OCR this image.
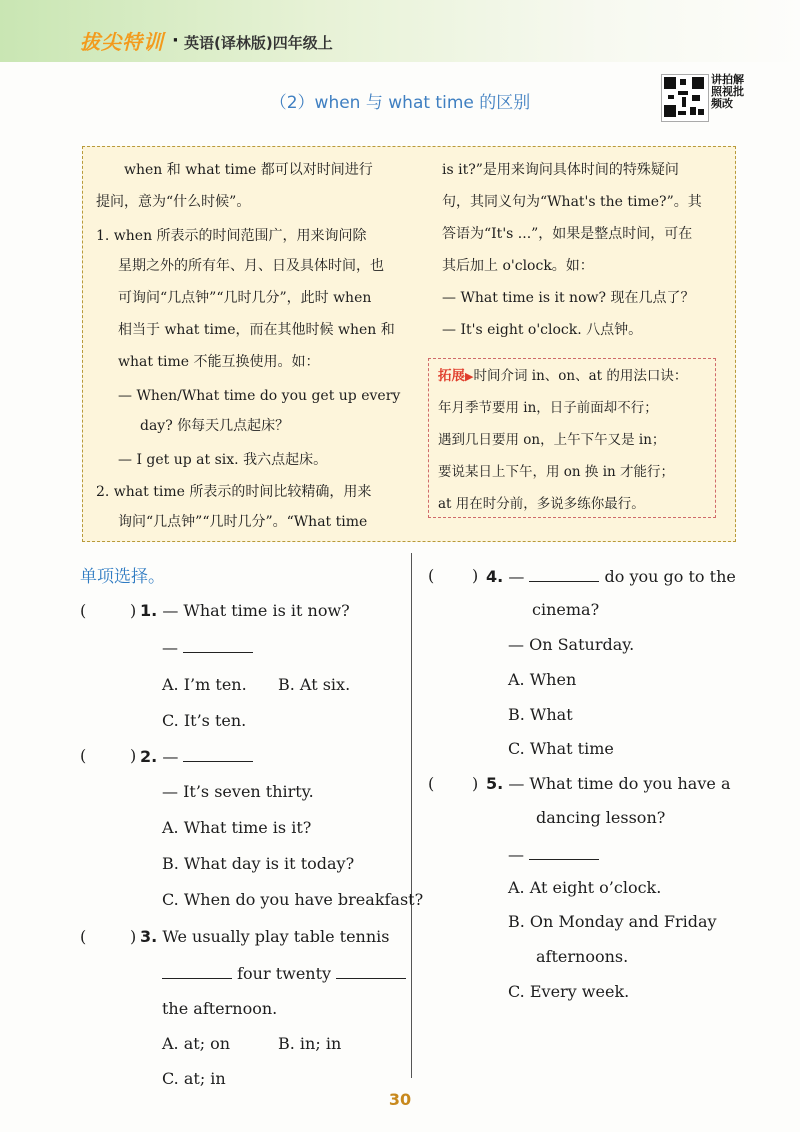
拔尖特训 · 英语(译林版)四年级上
（2）when 与 what time 的区别
讲拍解照视批频改
when 和 what time 都可以对时间进行
提问，意为“什么时候”。
1. when 所表示的时间范围广，用来询问除
星期之外的所有年、月、日及具体时间，也
可询问“几点钟”“几时几分”，此时 when
相当于 what time，而在其他时候 when 和
what time 不能互换使用。如：
— When/What time do you get up every
day? 你每天几点起床？
— I get up at six. 我六点起床。
2. what time 所表示的时间比较精确，用来
询问“几点钟”“几时几分”。“What time
is it?”是用来询问具体时间的特殊疑问
句，其同义句为“What's the time?”。其
答语为“It's ...”，如果是整点时间，可在
其后加上 o'clock。如：
— What time is it now? 现在几点了？
— It's eight o'clock. 八点钟。
拓展▶时间介词 in、on、at 的用法口诀：
年月季节要用 in，日子前面却不行；
遇到几日要用 on，上午下午又是 in；
要说某日上下午，用 on 换 in 才能行；
at 用在时分前，多说多练你最行。
单项选择。
(	) 1. — What time is it now?
—
A. I’m ten. B. At six.
C. It’s ten.
(	) 2. —
— It’s seven thirty.
A. What time is it?
B. What day is it today?
C. When do you have breakfast?
(	) 3. We usually play table tennis
four twenty
the afternoon.
A. at; on	B. in; in
C. at; in
( ) 4. —	do you go to the
cinema?
— On Saturday.
A. When
B. What
C. What time
( ) 5. — What time do you have a
dancing lesson?
—
A. At eight o’clock.
B. On Monday and Friday
afternoons.
C. Every week.
30
